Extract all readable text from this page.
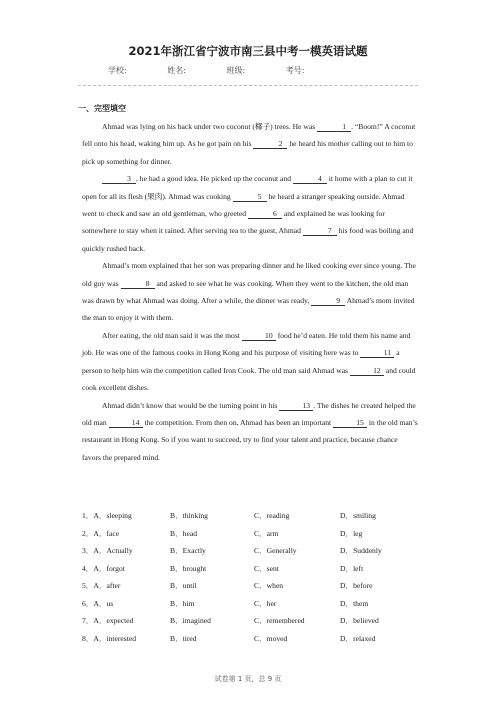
2021年浙江省宁波市南三县中考一模英语试题
学校:	姓名:	班级:	考号:
一、完型填空

Ahmad was lying on his back under two coconut (椰子) trees. He was	1 . “Boom!” A coconut fell onto his head, waking him up. As he got pain on his	2 he heard his mother calling out to him to pick up something for dinner.

3 , he had a good idea. He picked up the coconut and	4 it home with a plan to cut it open for all its flesh (果肉). Ahmad was cooking	5 he heard a stranger speaking outside. Ahmad went to check and saw an old gentleman, who greeted	6 and explained he was looking for somewhere to stay when it rained. After serving tea to the guest, Ahmad	7 his food was boiling and quickly rushed back.

Ahmad’s mom explained that her son was preparing dinner and he liked cooking ever since young. The old guy was	8 and asked to see what he was cooking. When they went to the kitchen, the old man was drawn by what Ahmad was doing. After a while, the dinner was ready,	9 Ahmad’s mom invited the man to enjoy it with them.

After eating, the old man said it was the most	10 food he’d eaten. He told them his name and job. He was one of the famous cooks in Hong Kong and his purpose of visiting here was to	11 a person to help him win the competition called Iron Cook. The old man said Ahmad was	12 and could cook excellent dishes.

Ahmad didn’t know that would be the turning point in his	13 . The dishes he created helped the old man	14 the competition. From then on, Ahmad has been an important	15 in the old man’s restaurant in Hong Kong. So if you want to succeed, try to find your talent and practice, because chance favors the prepared mind.

1．A．sleeping	B．thinking	C．reading	D．smiling
2．A．face	B．head	C．arm	D．leg
3．A．Actually	B．Exactly	C．Generally	D．Suddenly
4．A．forgot	B．brought	C．sent	D．left
5．A．after	B．until	C．when	D．before
6．A．us	B．him	C．her	D．them
7．A．expected	B．imagined	C．remembered	D．believed
8．A．interested	B．tired	C．moved	D．relaxed
试卷第 1 页，总 9 页
